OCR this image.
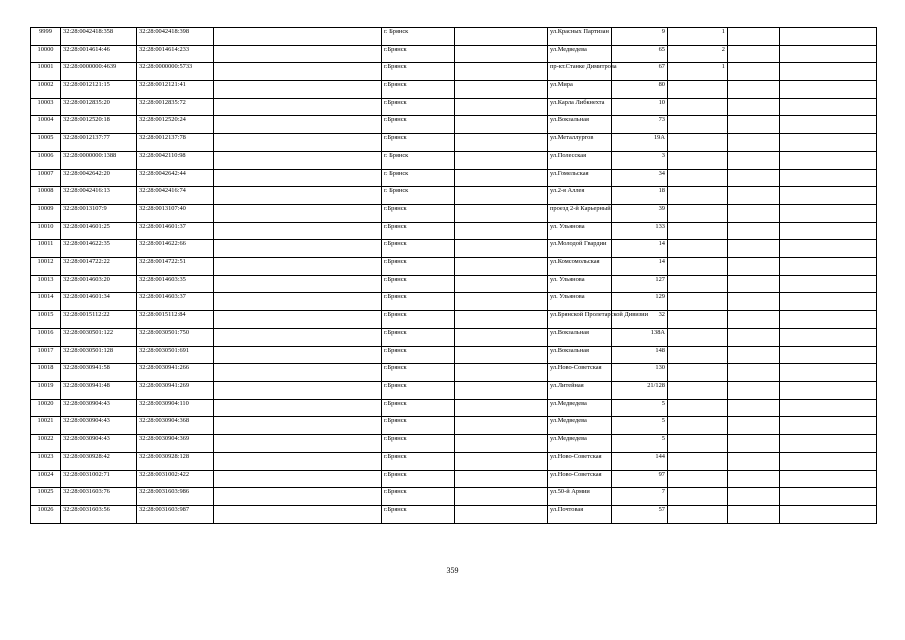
9999	32:28:0042418:358	32:28:0042418:398		г. Брянск		ул.Красных Партизан	9	1		
10000	32:28:0014614:46	32:28:0014614:233		г.Брянск		ул.Медведева	65	2		
10001	32:28:0000000:4639	32:28:0000000:5733		г.Брянск		пр-кт.Станке Димитрова	67	1		
10002	32:28:0012121:15	32:28:0012121:41		г.Брянск		ул.Мира	80			
10003	32:28:0012835:20	32:28:0012835:72		г.Брянск		ул.Карла Либкнехта	10			
10004	32:28:0012520:18	32:28:0012520:24		г.Брянск		ул.Вокзальная	73			
10005	32:28:0012137:77	32:28:0012137:78		г.Брянск		ул.Металлургов	19А			
10006	32:28:0000000:1388	32:28:0042110:98		г. Брянск		ул.Полесская	3			
10007	32:28:0042642:20	32:28:0042642:44		г. Брянск		ул.Гомельская	34			
10008	32:28:0042416:13	32:28:0042416:74		г. Брянск		ул.2-я Аллея	18			
10009	32:28:0013107:9	32:28:0013107:40		г.Брянск		проезд 2-й Карьерный	39			
10010	32:28:0014601:25	32:28:0014601:37		г.Брянск		ул. Ульянова	133			
10011	32:28:0014622:35	32:28:0014622:66		г.Брянск		ул.Молодой Гвардии	14			
10012	32:28:0014722:22	32:28:0014722:51		г.Брянск		ул.Комсомольская	14			
10013	32:28:0014603:20	32:28:0014603:35		г.Брянск		ул. Ульянова	127			
10014	32:28:0014601:34	32:28:0014603:37		г.Брянск		ул. Ульянова	129			
10015	32:28:0015112:22	32:28:0015112:84		г.Брянск		ул.Брянской Пролетарской Дивизии	32			
10016	32:28:0030501:122	32:28:0030501:750		г.Брянск		ул.Вокзальная	138А			
10017	32:28:0030501:128	32:28:0030501:691		г.Брянск		ул.Вокзальная	148			
10018	32:28:0030941:58	32:28:0030941:266		г.Брянск		ул.Ново-Советская	130			
10019	32:28:0030941:48	32:28:0030941:269		г.Брянск		ул.Литейная	21/128			
10020	32:28:0030904:43	32:28:0030904:110		г.Брянск		ул.Медведева	5			
10021	32:28:0030904:43	32:28:0030904:368		г.Брянск		ул.Медведева	5			
10022	32:28:0030904:43	32:28:0030904:369		г.Брянск		ул.Медведева	5			
10023	32:28:0030928:42	32:28:0030928:128		г.Брянск		ул.Ново-Советская	144			
10024	32:28:0031002:71	32:28:0031002:422		г.Брянск		ул.Ново-Советская	97			
10025	32:28:0031603:76	32:28:0031603:986		г.Брянск		ул.50-й Армии	7			
10026	32:28:0031603:56	32:28:0031603:987		г.Брянск		ул.Почтовая	57			
359
